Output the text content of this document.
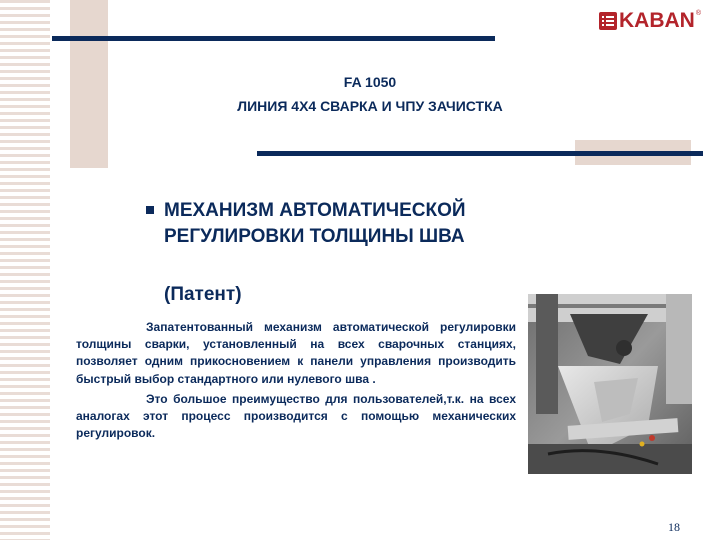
KABAN ®
FA 1050
ЛИНИЯ 4Х4 СВАРКА И ЧПУ ЗАЧИСТКА
МЕХАНИЗМ АВТОМАТИЧЕСКОЙ РЕГУЛИРОВКИ ТОЛЩИНЫ ШВА
(Патент)

Запатентованный механизм автоматической регулировки толщины сварки, установленный на всех сварочных станциях, позволяет одним прикосновением к панели управления производить быстрый выбор стандартного или нулевого шва .

Это большое преимущество для пользователей,т.к. на всех аналогах этот процесс производится с помощью механических регулировок.

18
